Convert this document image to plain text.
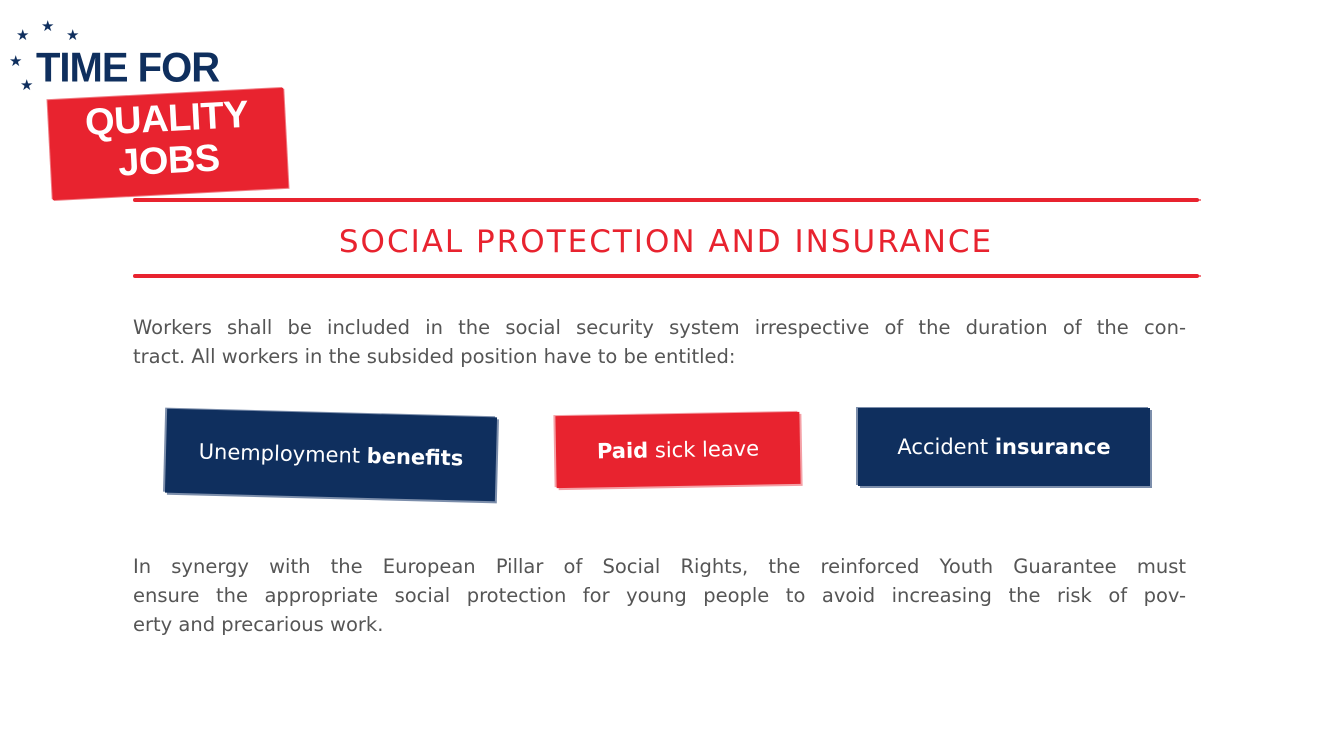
★ ★ ★
★
★ TIME FOR
QUALITY
JOBS
SOCIAL PROTECTION AND INSURANCE
Workers shall be included in the social security system irrespective of the duration of the con-
tract. All workers in the subsided position have to be entitled:
Unemployment benefits	Paid sick leave	Accident insurance
In synergy with the European Pillar of Social Rights, the reinforced Youth Guarantee must
ensure the appropriate social protection for young people to avoid increasing the risk of pov-
erty and precarious work.
